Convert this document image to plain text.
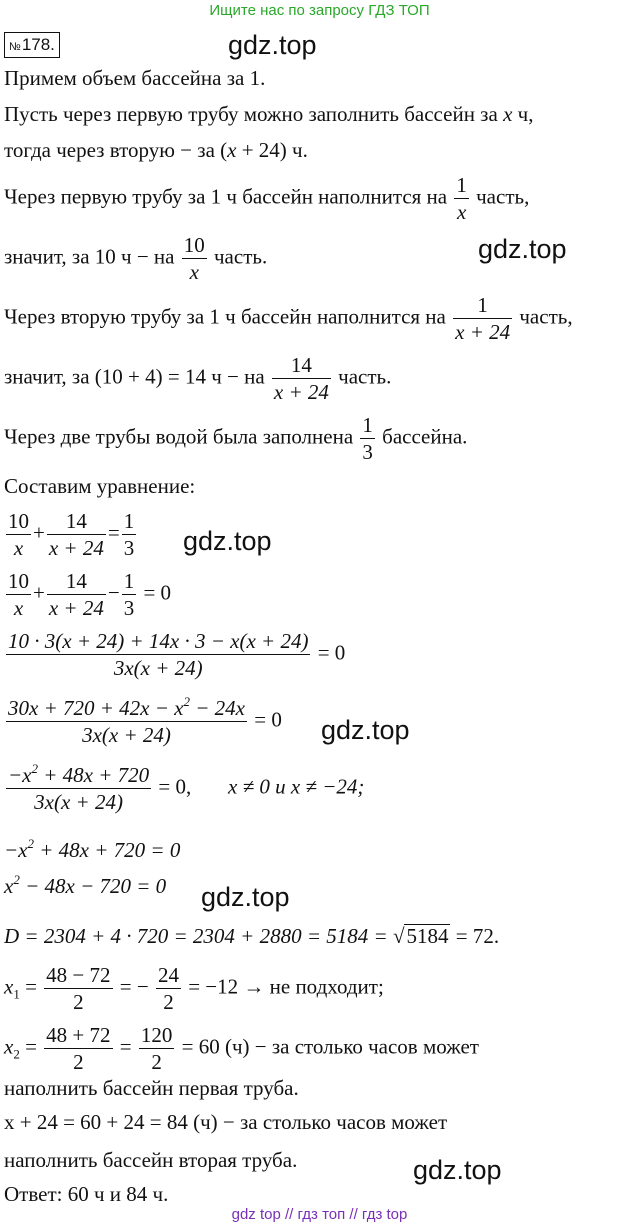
Ищите нас по запросу ГДЗ ТОП
№178.	gdz.top
gdz.top
gdz.top
gdz.top
gdz.top
gdz.top
Примем объем бассейна за 1.
Пусть через первую трубу можно заполнить бассейн за x ч,
тогда через вторую − за (x + 24) ч.
Через первую трубу за 1 ч бассейн наполнится на $\frac{1}{x}$ часть,
значит, за 10 ч − на $\frac{10}{x}$ часть.
Через вторую трубу за 1 ч бассейн наполнится на $\frac{1}{x + 24}$ часть,
значит, за (10 + 4) = 14 ч − на $\frac{14}{x + 24}$ часть.
Через две трубы водой была заполнена $\frac{1}{3}$ бассейна.
Составим уравнение:
$\frac{10}{x} + \frac{14}{x + 24} = \frac{1}{3}$
$\frac{10}{x} + \frac{14}{x + 24} - \frac{1}{3} = 0$
$\frac{10 \cdot 3(x + 24) + 14x \cdot 3 - x(x + 24)}{3x(x + 24)} = 0$
$\frac{30x + 720 + 42x - x^2 - 24x}{3x(x + 24)} = 0$
$\frac{-x^2 + 48x + 720}{3x(x + 24)} = 0$, x ≠ 0 и x ≠ −24;
$-x^2 + 48x + 720 = 0$
$x^2 - 48x - 720 = 0$
D = 2304 + 4 · 720 = 2304 + 2880 = 5184 = √5184 = 72.
$x_1 = \frac{48 - 72}{2}$ = − $\frac{24}{2} = -12$ → не подходит;
$x_2 = \frac{48 + 72}{2} = \frac{120}{2} = 60$ (ч) − за столько часов может
наполнить бассейн первая труба.
x + 24 = 60 + 24 = 84 (ч) − за столько часов может
наполнить бассейн вторая труба.
Ответ: 60 ч и 84 ч.
gdz top // гдз топ // гдз top
